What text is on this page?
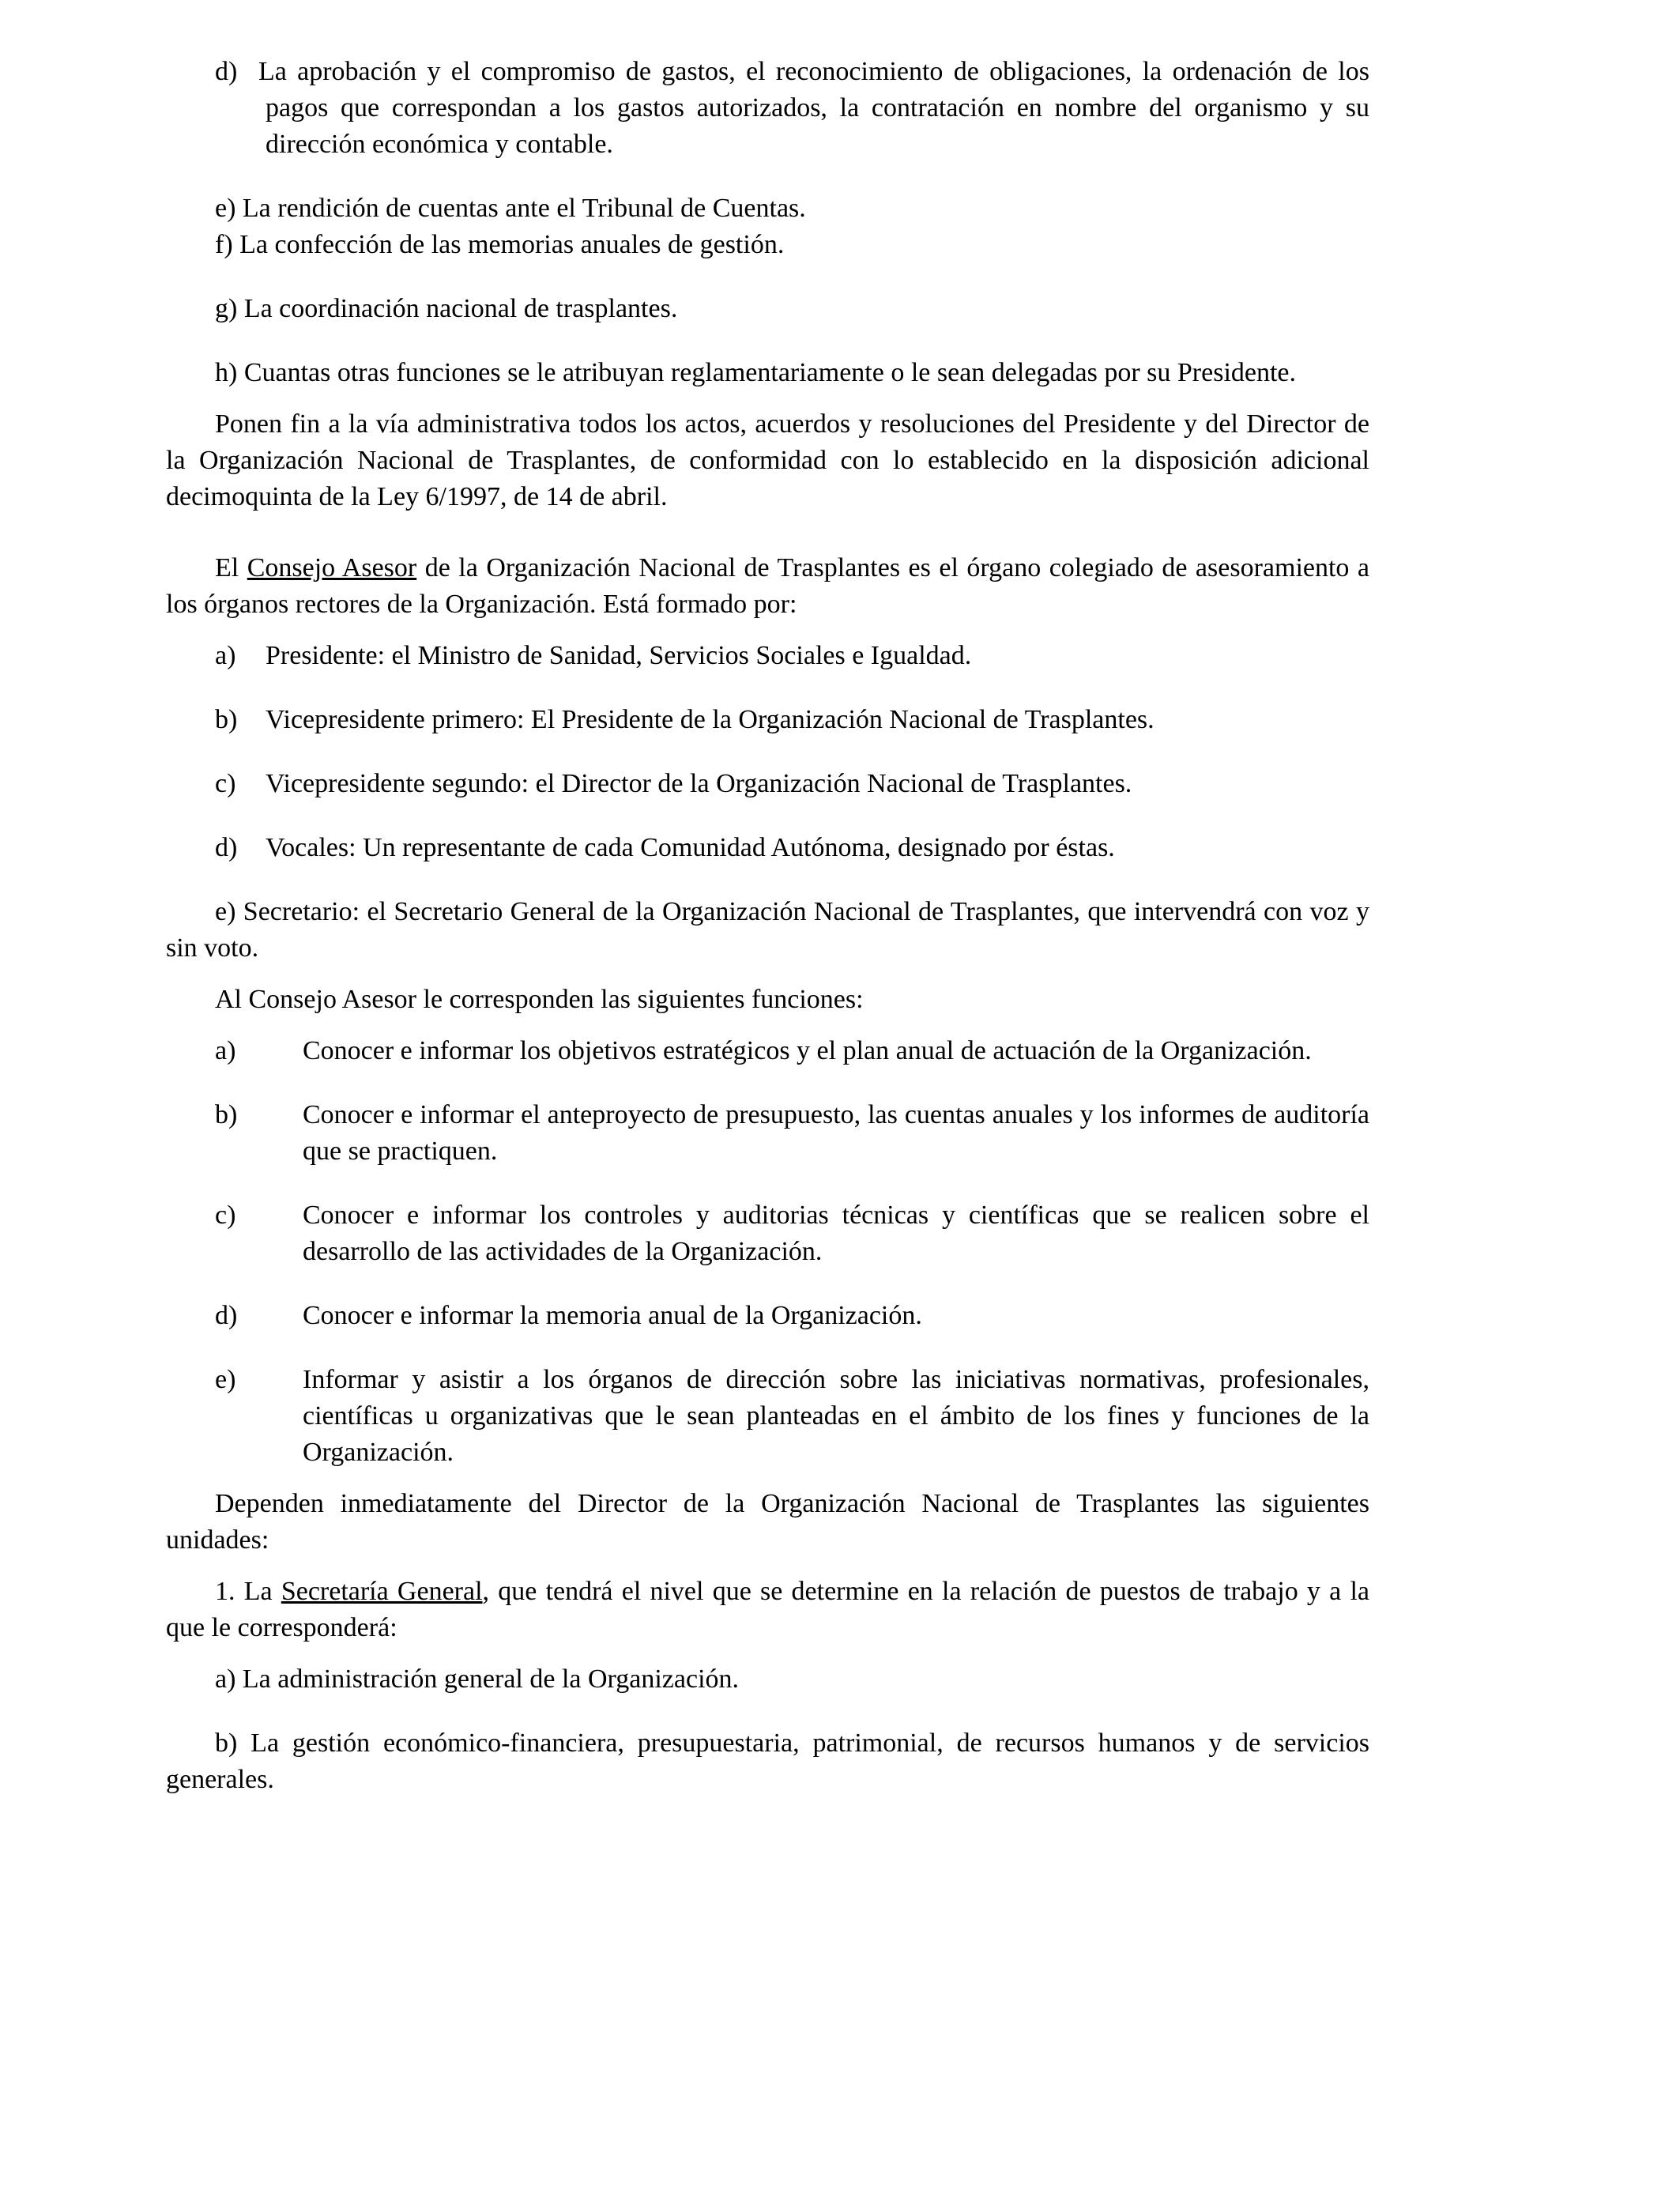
d) La aprobación y el compromiso de gastos, el reconocimiento de obligaciones, la ordenación de los pagos que correspondan a los gastos autorizados, la contratación en nombre del organismo y su dirección económica y contable.

e) La rendición de cuentas ante el Tribunal de Cuentas.

f) La confección de las memorias anuales de gestión.

g) La coordinación nacional de trasplantes.

h) Cuantas otras funciones se le atribuyan reglamentariamente o le sean delegadas por su Presidente.

Ponen fin a la vía administrativa todos los actos, acuerdos y resoluciones del Presidente y del Director de la Organización Nacional de Trasplantes, de conformidad con lo establecido en la disposición adicional decimoquinta de la Ley 6/1997, de 14 de abril.

El Consejo Asesor de la Organización Nacional de Trasplantes es el órgano colegiado de asesoramiento a los órganos rectores de la Organización. Está formado por:

a)	Presidente: el Ministro de Sanidad, Servicios Sociales e Igualdad.
b)	Vicepresidente primero: El Presidente de la Organización Nacional de Trasplantes.
c)	Vicepresidente segundo: el Director de la Organización Nacional de Trasplantes.
d)	Vocales: Un representante de cada Comunidad Autónoma, designado por éstas.

e) Secretario: el Secretario General de la Organización Nacional de Trasplantes, que intervendrá con voz y sin voto.

Al Consejo Asesor le corresponden las siguientes funciones:

a)	Conocer e informar los objetivos estratégicos y el plan anual de actuación de la Organización.
b)	Conocer e informar el anteproyecto de presupuesto, las cuentas anuales y los informes de auditoría que se practiquen.
c)	Conocer e informar los controles y auditorias técnicas y científicas que se realicen sobre el desarrollo de las actividades de la Organización.
d)	Conocer e informar la memoria anual de la Organización.
e)	Informar y asistir a los órganos de dirección sobre las iniciativas normativas, profesionales, científicas u organizativas que le sean planteadas en el ámbito de los fines y funciones de la Organización.

Dependen inmediatamente del Director de la Organización Nacional de Trasplantes las siguientes unidades:

1. La Secretaría General, que tendrá el nivel que se determine en la relación de puestos de trabajo y a la que le corresponderá:

a) La administración general de la Organización.

b) La gestión económico-financiera, presupuestaria, patrimonial, de recursos humanos y de servicios generales.
